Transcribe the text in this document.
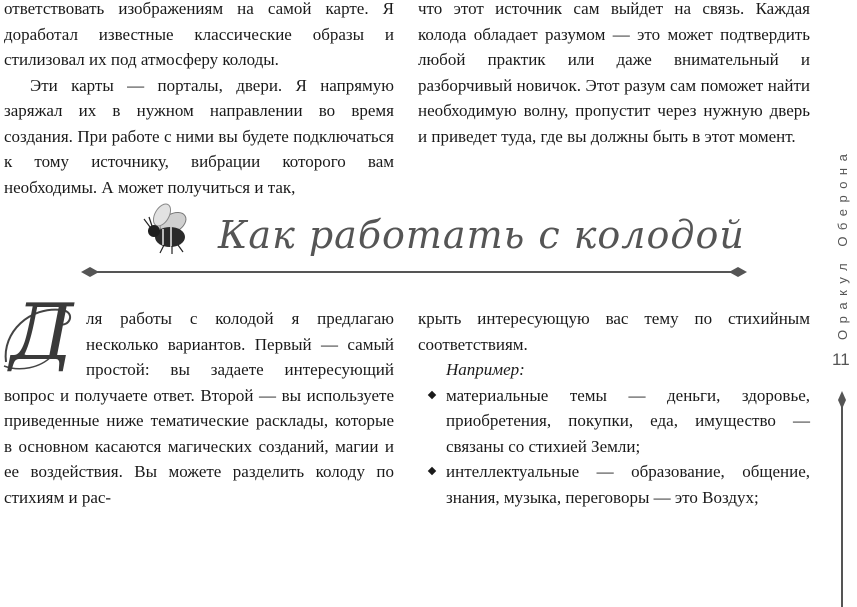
ответствовать изображениям на самой карте. Я доработал известные классические образы и стилизовал их под атмосферу колоды.

Эти карты — порталы, двери. Я напрямую заряжал их в нужном направлении во время создания. При работе с ними вы будете подключаться к тому источнику, вибрации которого вам необходимы. А может получиться и так,

что этот источник сам выйдет на связь. Каждая колода обладает разумом — это может подтвердить любой практик или даже внимательный и разборчивый новичок. Этот разум сам поможет найти необходимую волну, пропустит через нужную дверь и приведет туда, где вы должны быть в этот момент.

Как работать с колодой
Д ля работы с колодой я предлагаю несколько вариантов. Первый — самый простой: вы задаете интересующий вопрос и получаете ответ. Второй — вы используете приведенные ниже тематические расклады, которые в основном касаются магических созданий, магии и ее воздействия. Вы можете разделить колоду по стихиям и рас-

крыть интересующую вас тему по стихийным соответствиям.

Например:

материальные темы — деньги, здоровье, приобретения, покупки, еда, имущество — связаны со стихией Земли;
интеллектуальные — образование, общение, знания, музыка, переговоры — это Воздух;
Оракул Оберона
11
